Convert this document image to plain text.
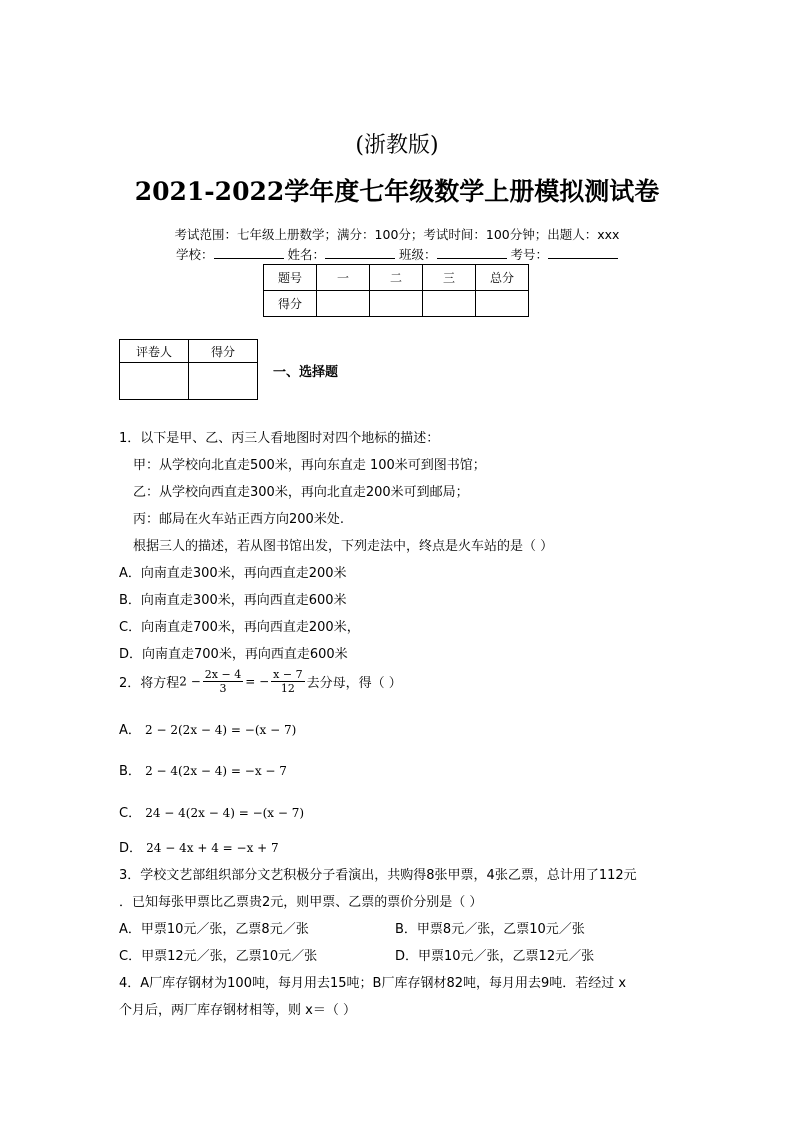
(浙教版)
2021-2022学年度七年级数学上册模拟测试卷
考试范围：七年级上册数学；满分：100分；考试时间：100分钟；出题人：xxx
学校：	姓名：	班级：	考号：
题号	一	二	三	总分
得分				
评卷人	得分

一、选择题
1．以下是甲、乙、丙三人看地图时对四个地标的描述：
甲：从学校向北直走500米，再向东直走 100米可到图书馆；
乙：从学校向西直走300米，再向北直走200米可到邮局；
丙：邮局在火车站正西方向200米处.
根据三人的描述，若从图书馆出发，下列走法中，终点是火车站的是（ ）
A．向南直走300米，再向西直走200米
B．向南直走300米，再向西直走600米
C．向南直走700米，再向西直走200米，
D．向南直走700米，再向西直走600米
2．将方程$2 - \frac{2x - 4}{3}$ = − $\frac{x - 7}{12}$ 去分母，得（ ）
A． 2 − 2(2x − 4) = −(x − 7)
B． 2 − 4(2x − 4) = −x − 7
C． 24 − 4(2x − 4) = −(x − 7)
D． 24 − 4x + 4 = −x + 7
3．学校文艺部组织部分文艺积极分子看演出，共购得8张甲票，4张乙票，总计用了112元
．已知每张甲票比乙票贵2元，则甲票、乙票的票价分别是（ ）
A．甲票10元／张，乙票8元／张	B．甲票8元／张，乙票10元／张
C．甲票12元／张，乙票10元／张	D．甲票10元／张，乙票12元／张
4．A厂库存钢材为100吨，每月用去15吨；B厂库存钢材82吨，每月用去9吨．若经过 x
个月后，两厂库存钢材相等，则 x＝（ ）
